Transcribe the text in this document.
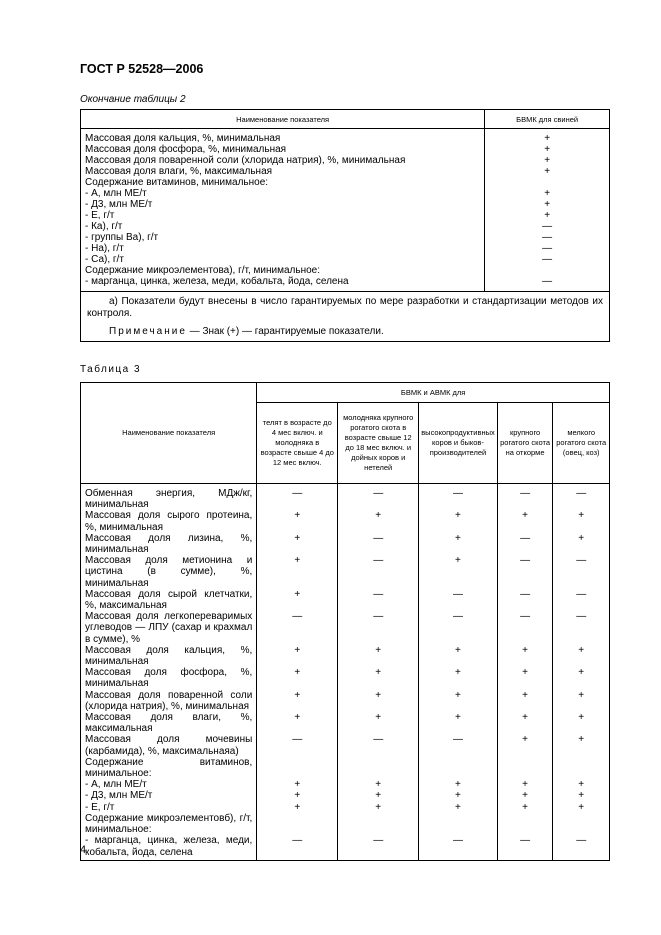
ГОСТ Р 52528—2006
Окончание таблицы 2
Наименование показателя	БВМК для свиней
Массовая доля кальция, %, минимальная	+
Массовая доля фосфора, %, минимальная	+
Массовая доля поваренной соли (хлорида натрия), %, минимальная	+
Массовая доля влаги, %, максимальная	+
Содержание витаминов, минимальное:	
- А, млн МЕ/т	+
- Д3, млн МЕ/т	+
- Е, г/т	+
- Ка), г/т	—
- группы Ва), г/т	—
- На), г/т	—
- Са), г/т	—
Содержание микроэлементова), г/т, минимальное:	
- марганца, цинка, железа, меди, кобальта, йода, селена	—
а) Показатели будут внесены в число гарантируемых по мере разработки и стандартизации методов их контроля.	
Примечание — Знак (+) — гарантируемые показатели.	
Таблица 3
Наименование показателя	БВМК и АВМК для				
	телят в возрасте до 4 мес включ. и молодняка в возрасте свыше 4 до 12 мес включ.	молодняка крупного рогатого скота в возрасте свыше 12 до 18 мес включ. и дойных коров и нетелей	высокопродуктивных коров и быков-производителей	крупного рогатого скота на откорме	мелкого рогатого скота (овец, коз)
Обменная энергия, МДж/кг, минимальная	—	—	—	—	—
Массовая доля сырого протеина, %, минимальная	+	+	+	+	+
Массовая доля лизина, %, минимальная	+	—	+	—	+
Массовая доля метионина и цистина (в сумме), %, минимальная	+	—	+	—	—
Массовая доля сырой клетчатки, %, максимальная	+	—	—	—	—
Массовая доля легкопереваримых углеводов — ЛПУ (сахар и крахмал в сумме), %	—	—	—	—	—
Массовая доля кальция, %, минимальная	+	+	+	+	+
Массовая доля фосфора, %, минимальная	+	+	+	+	+
Массовая доля поваренной соли (хлорида натрия), %, минимальная	+	+	+	+	+
Массовая доля влаги, %, максимальная	+	+	+	+	+
Массовая доля мочевины (карбамида), %, максимальнаяа)	—	—	—	+	+
Содержание витаминов, минимальное:					
- А, млн МЕ/т	+	+	+	+	+
- Д3, млн МЕ/т	+	+	+	+	+
- Е, г/т	+	+	+	+	+
Содержание микроэлементовб), г/т, минимальное:					
- марганца, цинка, железа, меди, кобальта, йода, селена	—	—	—	—	—
4
